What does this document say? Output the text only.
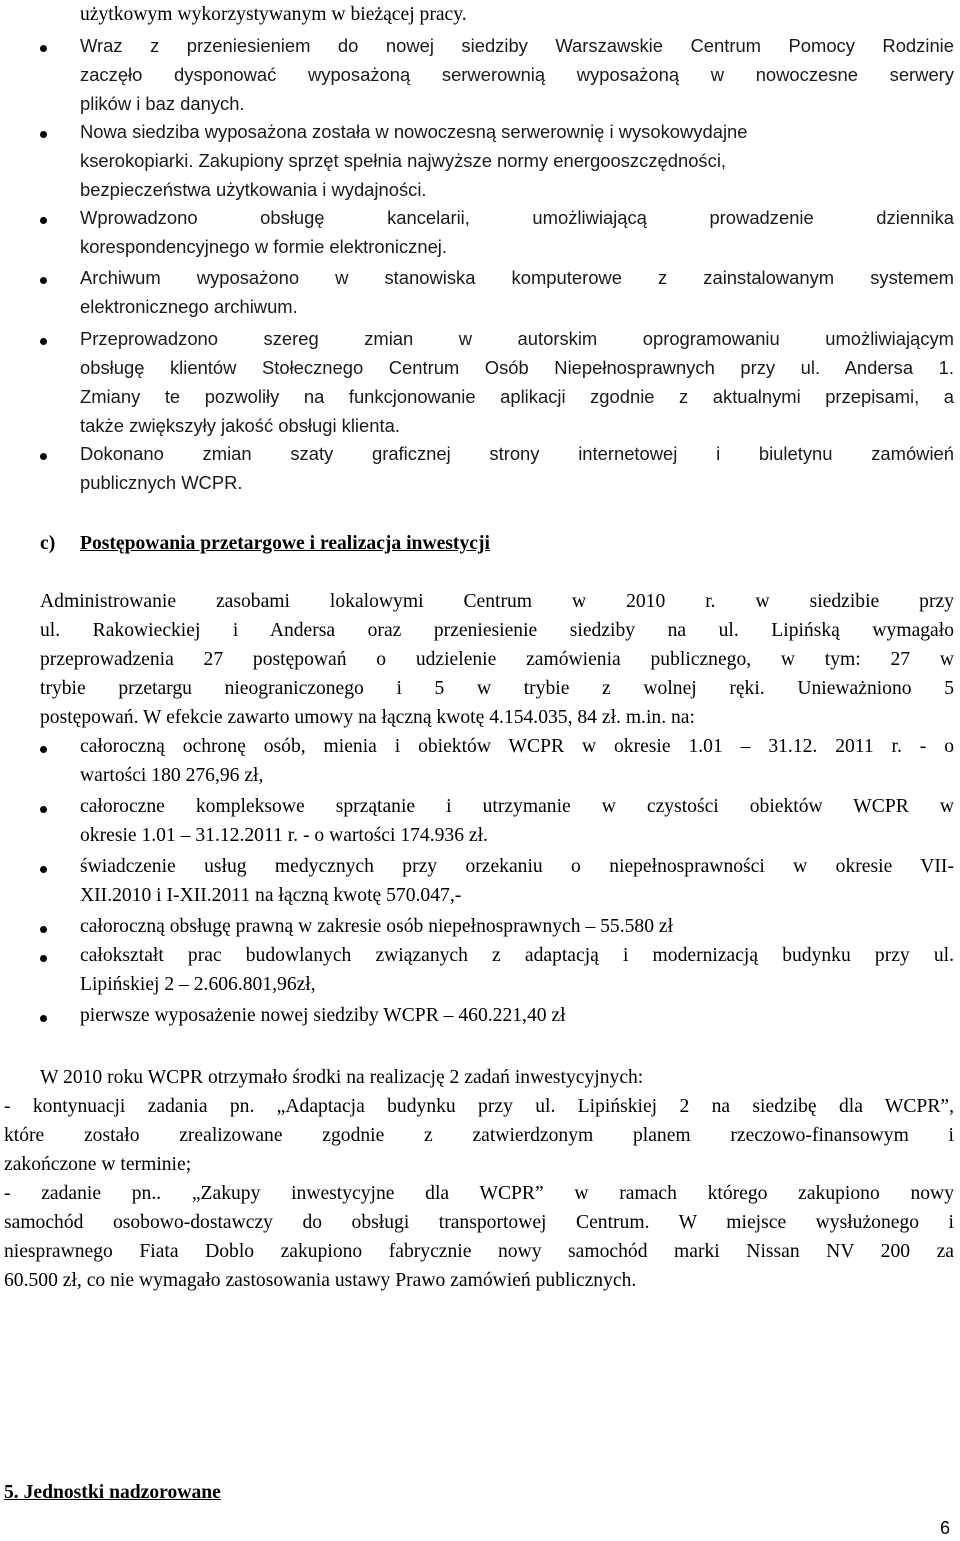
użytkowym wykorzystywanym w bieżącej pracy.

Wraz z przeniesieniem do nowej siedziby Warszawskie Centrum Pomocy Rodzinie

zaczęło dysponować wyposażoną serwerownią wyposażoną w nowoczesne serwery

plików i baz danych.

Nowa siedziba wyposażona została w nowoczesną serwerownię i wysokowydajne

kserokopiarki. Zakupiony sprzęt spełnia najwyższe normy energooszczędności,

bezpieczeństwa użytkowania i wydajności.

Wprowadzono obsługę kancelarii, umożliwiającą prowadzenie dziennika

korespondencyjnego w formie elektronicznej.

Archiwum wyposażono w stanowiska komputerowe z zainstalowanym systemem

elektronicznego archiwum.

Przeprowadzono szereg zmian w autorskim oprogramowaniu umożliwiającym

obsługę klientów Stołecznego Centrum Osób Niepełnosprawnych przy ul. Andersa 1.

Zmiany te pozwoliły na funkcjonowanie aplikacji zgodnie z aktualnymi przepisami, a

także zwiększyły jakość obsługi klienta.

Dokonano zmian szaty graficznej strony internetowej i biuletynu zamówień

publicznych WCPR.

c) Postępowania przetargowe i realizacja inwestycji

Administrowanie zasobami lokalowymi Centrum w 2010 r. w siedzibie przy

ul. Rakowieckiej i Andersa oraz przeniesienie siedziby na ul. Lipińską wymagało

przeprowadzenia 27 postępowań o udzielenie zamówienia publicznego, w tym: 27 w

trybie przetargu nieograniczonego i 5 w trybie z wolnej ręki. Unieważniono 5

postępowań. W efekcie zawarto umowy na łączną kwotę 4.154.035, 84 zł. m.in. na:

całoroczną ochronę osób, mienia i obiektów WCPR w okresie 1.01 – 31.12. 2011 r. - o

wartości 180 276,96 zł,

całoroczne kompleksowe sprzątanie i utrzymanie w czystości obiektów WCPR w

okresie 1.01 – 31.12.2011 r. - o wartości 174.936 zł.

świadczenie usług medycznych przy orzekaniu o niepełnosprawności w okresie VII-

XII.2010 i I-XII.2011 na łączną kwotę 570.047,-

całoroczną obsługę prawną w zakresie osób niepełnosprawnych – 55.580 zł

całokształt prac budowlanych związanych z adaptacją i modernizacją budynku przy ul.

Lipińskiej 2 – 2.606.801,96zł,

pierwsze wyposażenie nowej siedziby WCPR – 460.221,40 zł

W 2010 roku WCPR otrzymało środki na realizację 2 zadań inwestycyjnych:

- kontynuacji zadania pn. „Adaptacja budynku przy ul. Lipińskiej 2 na siedzibę dla WCPR”,

które zostało zrealizowane zgodnie z zatwierdzonym planem rzeczowo-finansowym i

zakończone w terminie;

- zadanie pn.. „Zakupy inwestycyjne dla WCPR” w ramach którego zakupiono nowy

samochód osobowo-dostawczy do obsługi transportowej Centrum. W miejsce wysłużonego i

niesprawnego Fiata Doblo zakupiono fabrycznie nowy samochód marki Nissan NV 200 za

60.500 zł, co nie wymagało zastosowania ustawy Prawo zamówień publicznych.

5. Jednostki nadzorowane

6
